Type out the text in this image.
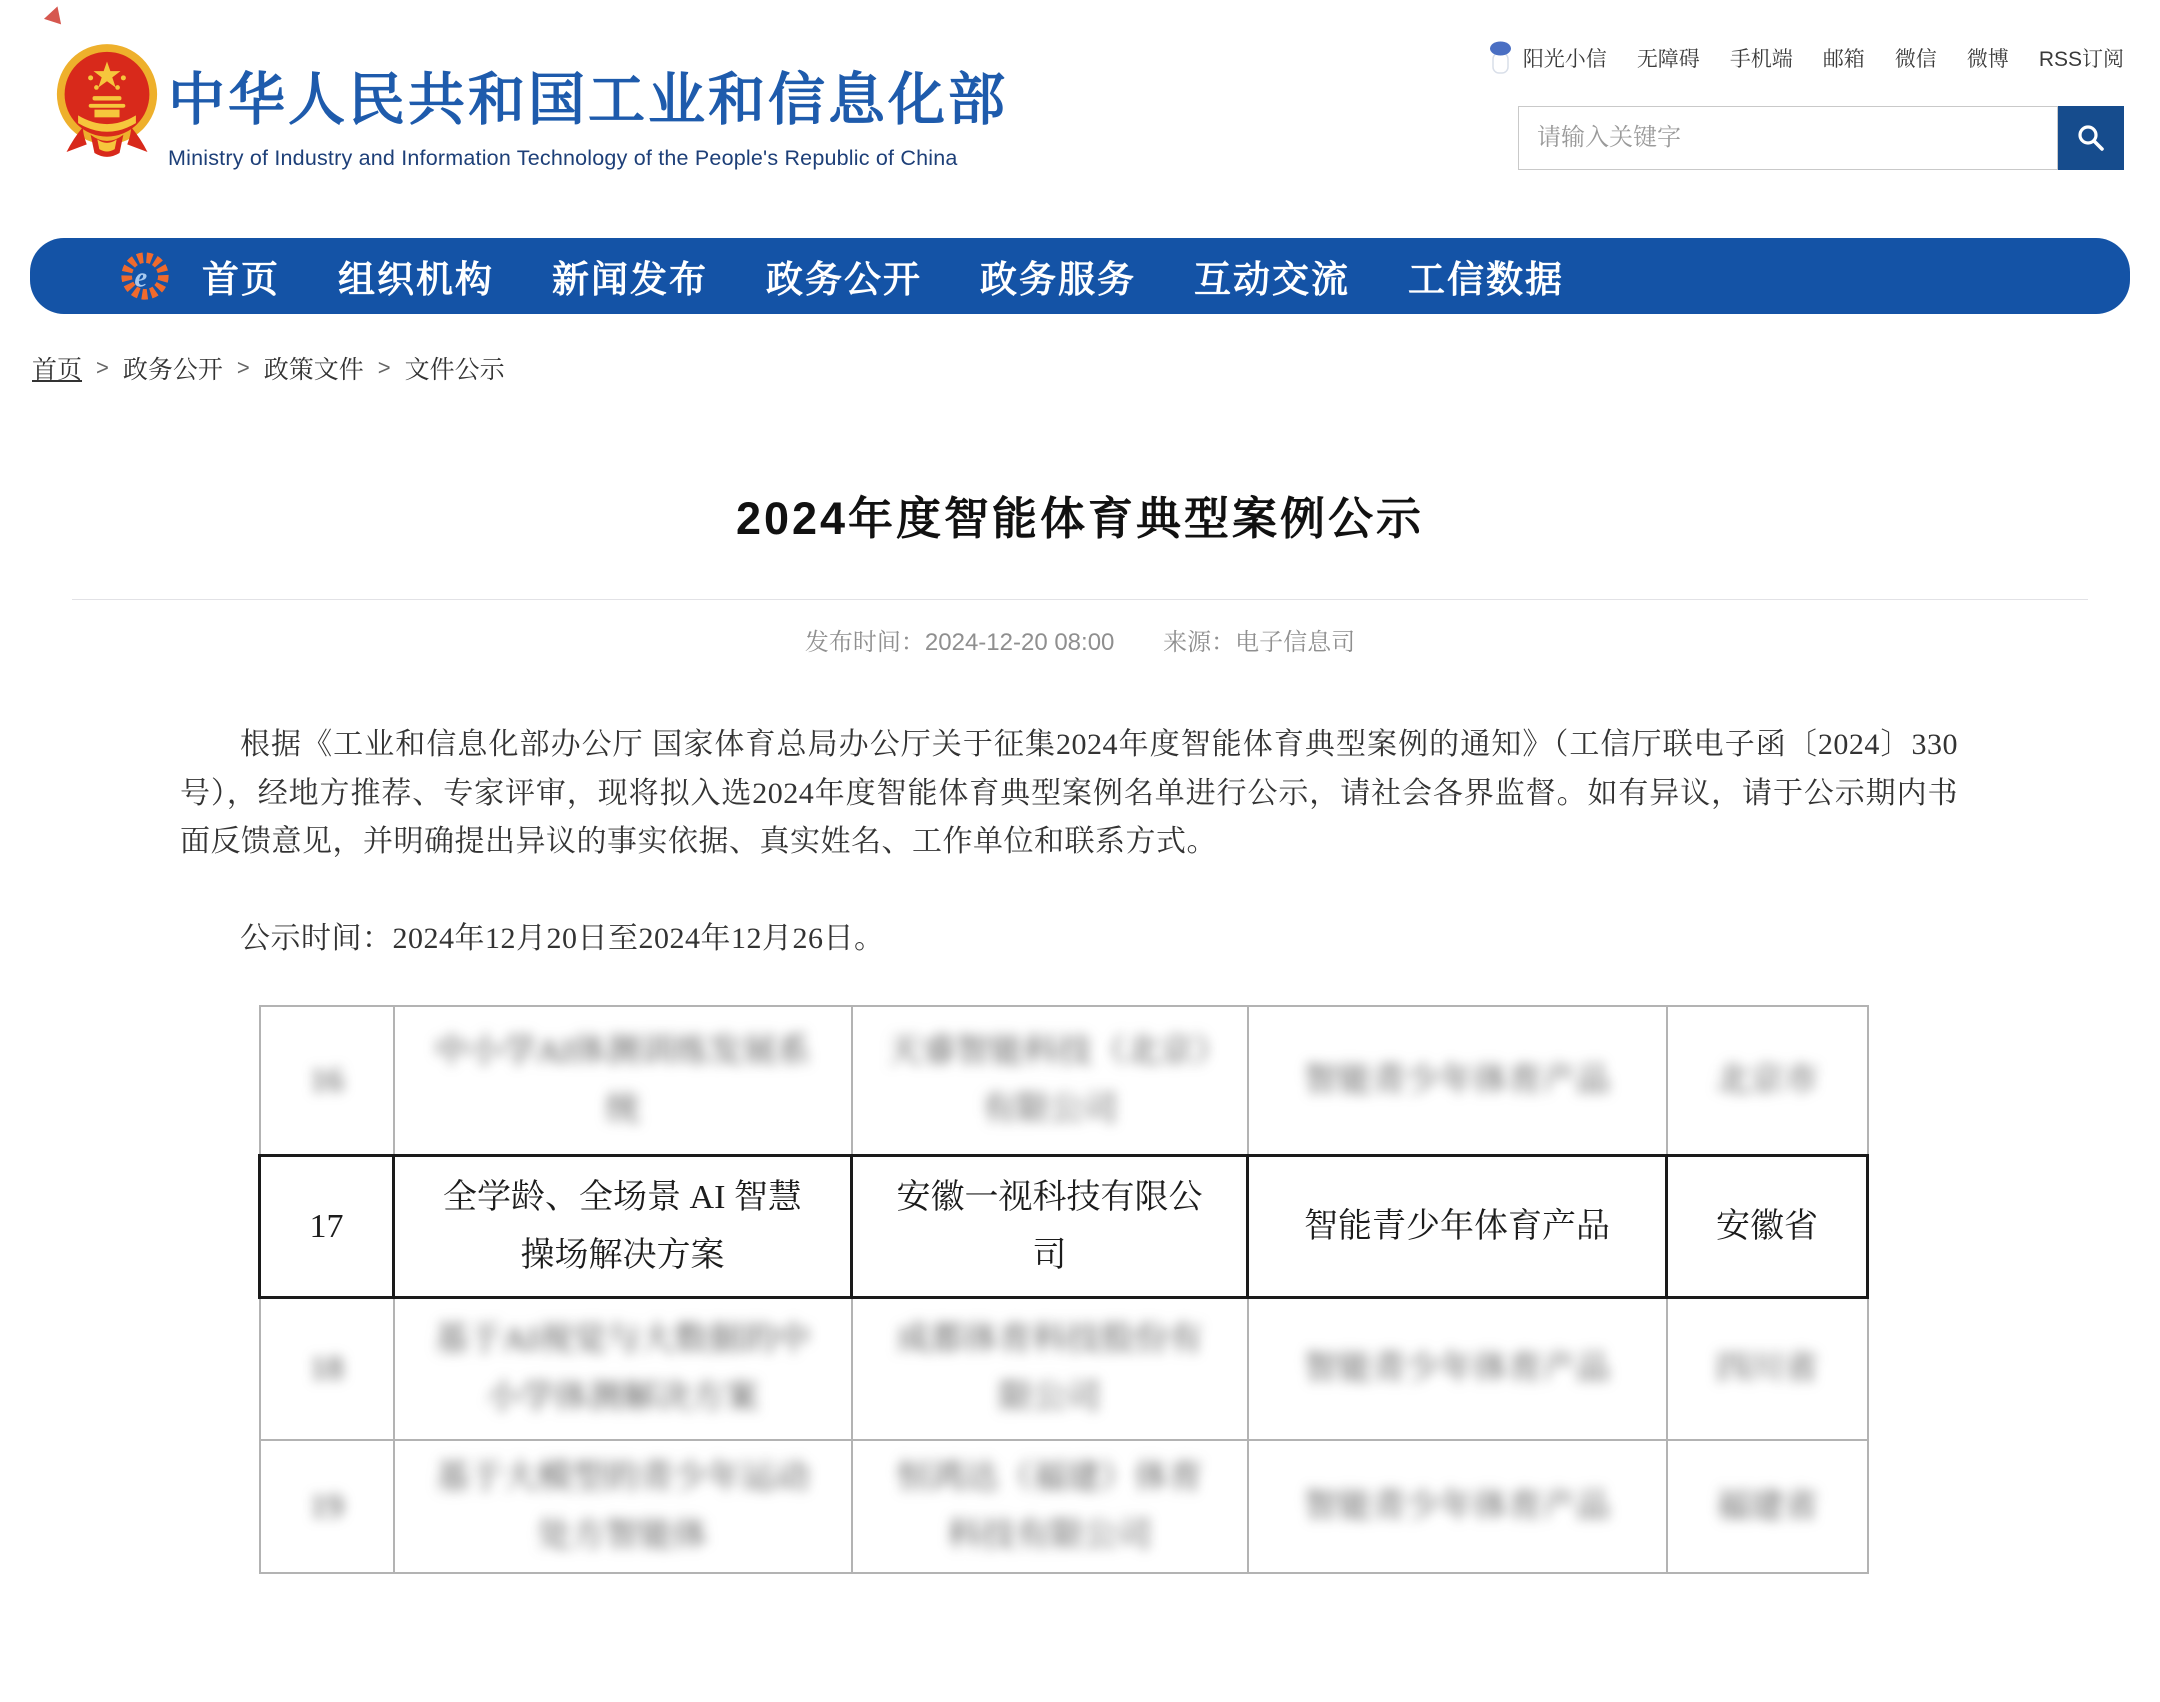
中华人民共和国工业和信息化部
Ministry of Industry and Information Technology of the People's Republic of China
阳光小信 无障碍 手机端 邮箱 微信 微博 RSS订阅
请输入关键字
e 首页 组织机构 新闻发布 政务公开 政务服务 互动交流 工信数据
首页 > 政务公开 > 政策文件 > 文件公示
2024年度智能体育典型案例公示
发布时间：2024-12-20 08:00 来源：电子信息司

根据《工业和信息化部办公厅 国家体育总局办公厅关于征集2024年度智能体育典型案例的通知》（工信厅联电子函〔2024〕330号），经地方推荐、专家评审，现将拟入选2024年度智能体育典型案例名单进行公示，请社会各界监督。如有异议，请于公示期内书面反馈意见，并明确提出异议的事实依据、真实姓名、工作单位和联系方式。

公示时间：2024年12月20日至2024年12月26日。

16	中小学AI体测训练发展系统	天睿智能科技（北京）有限公司	智能青少年体育产品	北京市

17	全学龄、全场景 AI 智慧操场解决方案	安徽一视科技有限公司	智能青少年体育产品	安徽省

18	基于AI视觉与大数据的中小学体测解决方案	成都体育科技股份有限公司	智能青少年体育产品	四川省

19	基于大模型的青少年运动处方智能体	恒鸿达（福建）体育科技有限公司	智能青少年体育产品	福建省
